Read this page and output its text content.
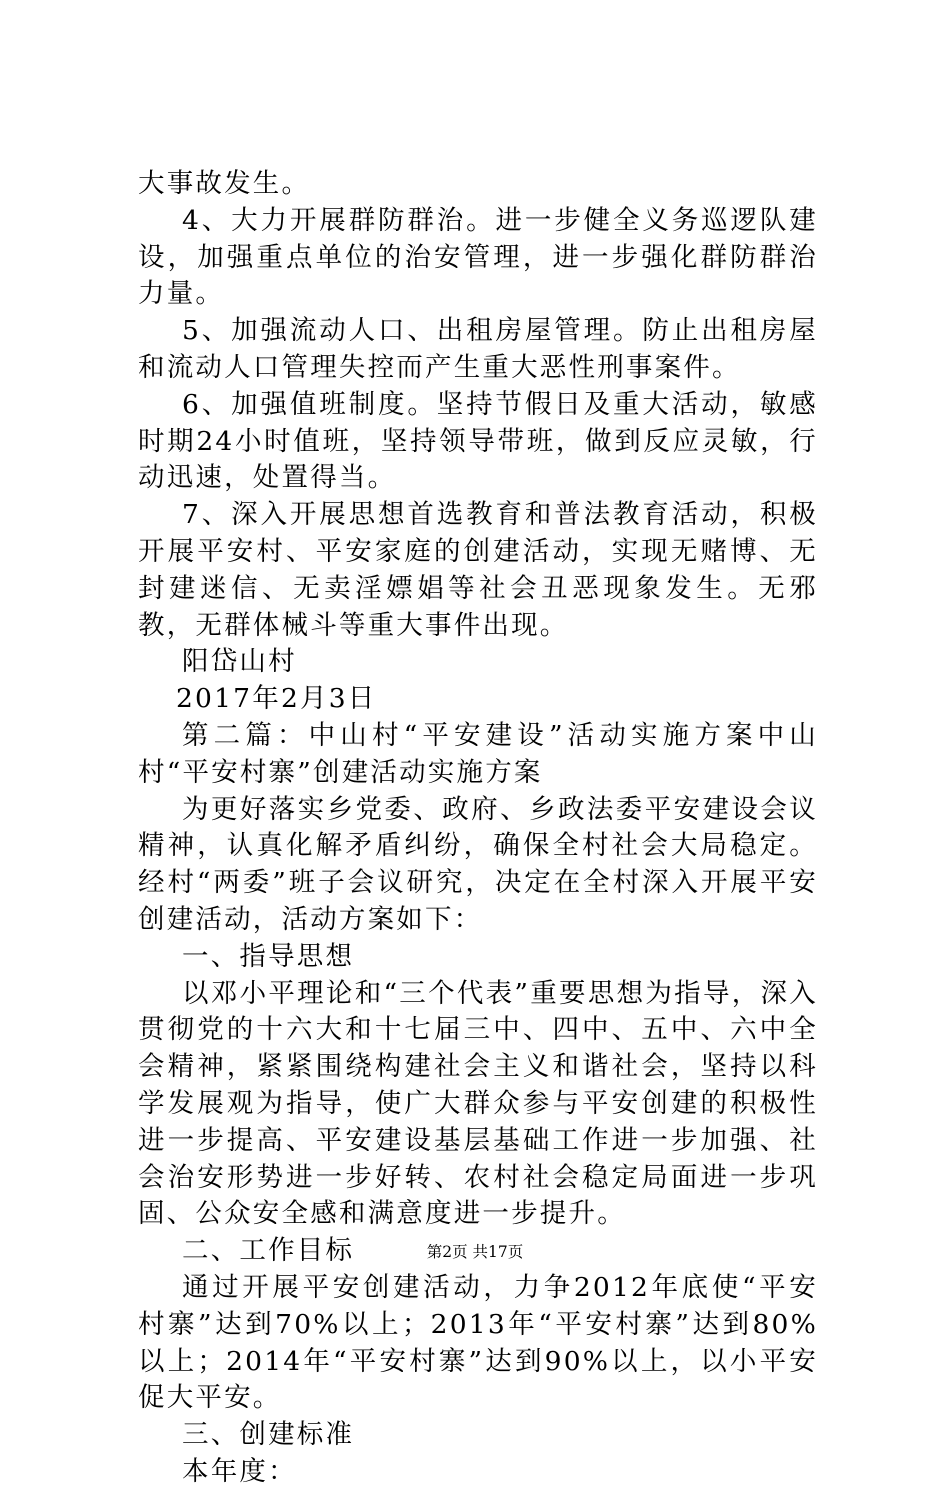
大事故发生。

4、大力开展群防群治。进一步健全义务巡逻队建设，加强重点单位的治安管理，进一步强化群防群治力量。

5、加强流动人口、出租房屋管理。防止出租房屋和流动人口管理失控而产生重大恶性刑事案件。

6、加强值班制度。坚持节假日及重大活动，敏感时期24小时值班，坚持领导带班，做到反应灵敏，行动迅速，处置得当。

7、深入开展思想首选教育和普法教育活动，积极开展平安村、平安家庭的创建活动，实现无赌博、无封建迷信、无卖淫嫖娼等社会丑恶现象发生。无邪教，无群体械斗等重大事件出现。

阳岱山村

2017年2月3日

第二篇：中山村“平安建设”活动实施方案中山村“平安村寨”创建活动实施方案

为更好落实乡党委、政府、乡政法委平安建设会议精神，认真化解矛盾纠纷，确保全村社会大局稳定。经村“两委”班子会议研究，决定在全村深入开展平安创建活动，活动方案如下：

一、指导思想

以邓小平理论和“三个代表”重要思想为指导，深入贯彻党的十六大和十七届三中、四中、五中、六中全会精神，紧紧围绕构建社会主义和谐社会，坚持以科学发展观为指导，使广大群众参与平安创建的积极性进一步提高、平安建设基层基础工作进一步加强、社会治安形势进一步好转、农村社会稳定局面进一步巩固、公众安全感和满意度进一步提升。

二、工作目标

通过开展平安创建活动，力争2012年底使“平安村寨”达到70%以上；2013年“平安村寨”达到80%以上；2014年“平安村寨”达到90%以上，以小平安促大平安。

三、创建标准

本年度：

第2页 共17页
